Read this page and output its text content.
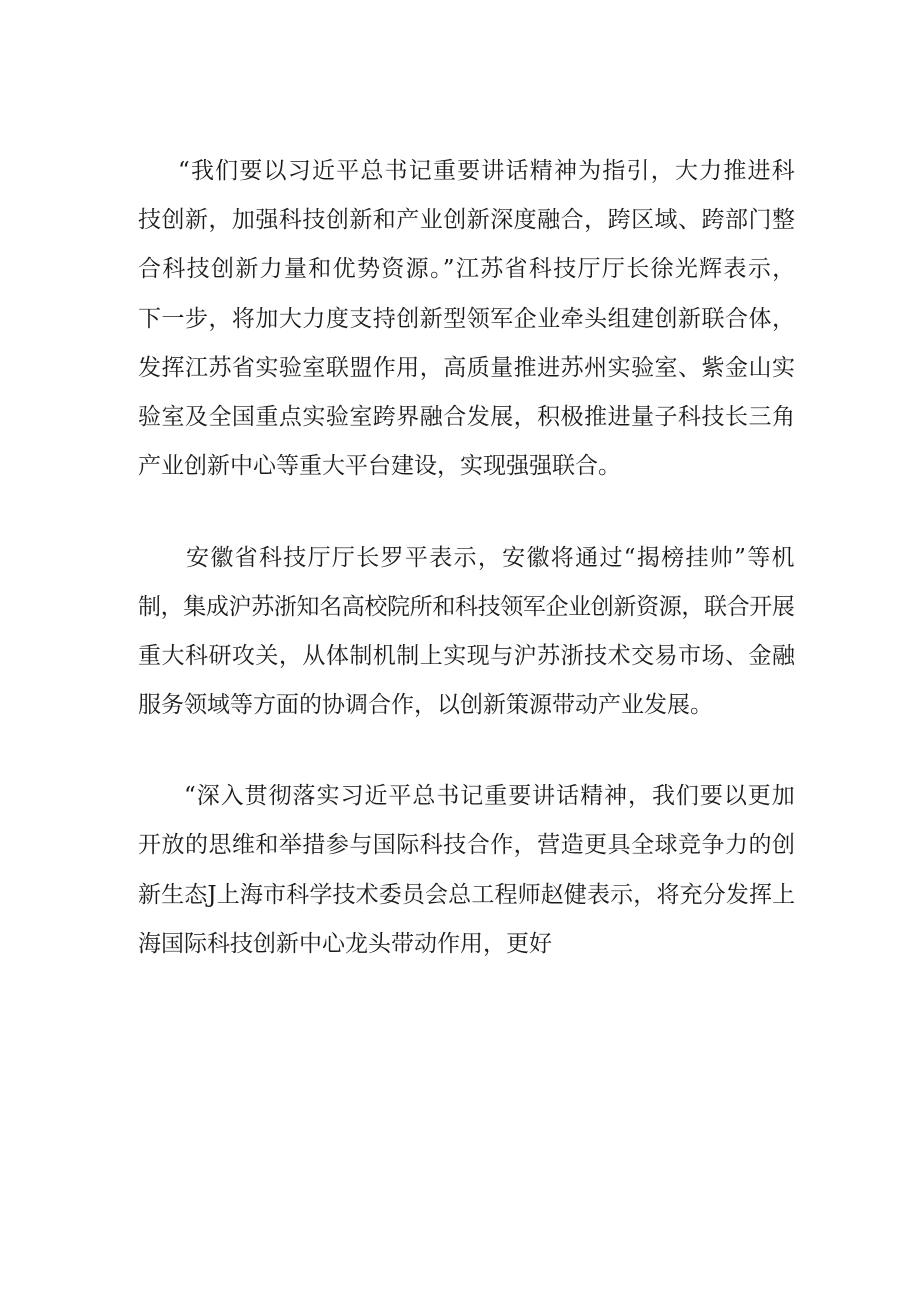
“我们要以习近平总书记重要讲话精神为指引，大力推进科
技创新，加强科技创新和产业创新深度融合，跨区域、跨部门整
合科技创新力量和优势资源。”江苏省科技厅厅长徐光辉表示，
下一步，将加大力度支持创新型领军企业牵头组建创新联合体，
发挥江苏省实验室联盟作用，高质量推进苏州实验室、紫金山实
验室及全国重点实验室跨界融合发展，积极推进量子科技长三角
产业创新中心等重大平台建设，实现强强联合。
安徽省科技厅厅长罗平表示，安徽将通过“揭榜挂帅”等机
制，集成沪苏浙知名高校院所和科技领军企业创新资源，联合开展
重大科研攻关，从体制机制上实现与沪苏浙技术交易市场、金融
服务领域等方面的协调合作，以创新策源带动产业发展。
“深入贯彻落实习近平总书记重要讲话精神，我们要以更加
开放的思维和举措参与国际科技合作，营造更具全球竞争力的创
新生态J上海市科学技术委员会总工程师赵健表示，将充分发挥上
海国际科技创新中心龙头带动作用，更好
